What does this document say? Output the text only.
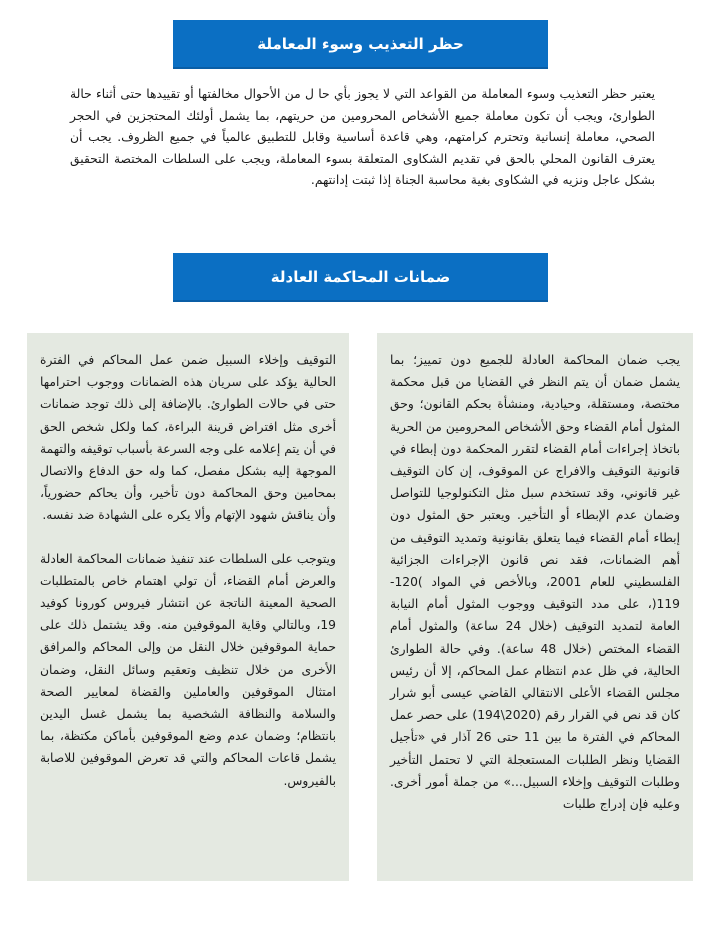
حظر التعذيب وسوء المعاملة
يعتبر حظر التعذيب وسوء المعاملة من القواعد التي لا يجوز بأي حا ل من الأحوال مخالفتها أو تقييدها حتى أثناء حالة الطوارئ، ويجب أن تكون معاملة جميع الأشخاص المحرومين من حريتهم، بما يشمل أولئك المحتجزين في الحجر الصحي، معاملة إنسانية وتحترم كرامتهم، وهي قاعدة أساسية وقابل للتطبيق عالمياً في جميع الظروف. يجب أن يعترف القانون المحلي بالحق في تقديم الشكاوى المتعلقة بسوء المعاملة، ويجب على السلطات المختصة التحقيق بشكل عاجل ونزيه في الشكاوى بغية محاسبة الجناة إذا ثبتت إدانتهم.
ضمانات المحاكمة العادلة

يجب ضمان المحاكمة العادلة للجميع دون تمييز؛ بما يشمل ضمان أن يتم النظر في القضايا من قبل محكمة مختصة، ومستقلة، وحيادية، ومنشأة بحكم القانون؛ وحق المثول أمام القضاء وحق الأشخاص المحرومين من الحرية باتخاذ إجراءات أمام القضاء لتقرر المحكمة دون إبطاء في قانونية التوقيف والافراج عن الموقوف، إن كان التوقيف غير قانوني، وقد تستخدم سبل مثل التكنولوجيا للتواصل وضمان عدم الإبطاء أو التأخير. ويعتبر حق المثول دون إبطاء أمام القضاء فيما يتعلق بقانونية وتمديد التوقيف من أهم الضمانات، فقد نص قانون الإجراءات الجزائية الفلسطيني للعام 2001، وبالأخص في المواد )120-119(، على مدد التوقيف ووجوب المثول أمام النيابة العامة لتمديد التوقيف (خلال 24 ساعة) والمثول أمام القضاء المختص (خلال 48 ساعة). وفي حالة الطوارئ الحالية، في ظل عدم انتظام عمل المحاكم، إلا أن رئيس مجلس القضاء الأعلى الانتقالي القاضي عيسى أبو شرار كان قد نص في القرار رقم (2020\194) على حصر عمل المحاكم في الفترة ما بين 11 حتى 26 آذار في «تأجيل القضايا ونظر الطلبات المستعجلة التي لا تحتمل التأخير وطلبات التوقيف وإخلاء السبيل...» من جملة أمور أخرى. وعليه فإن إدراج طلبات

التوقيف وإخلاء السبيل ضمن عمل المحاكم في الفترة الحالية يؤكد على سريان هذه الضمانات ووجوب احترامها حتى في حالات الطوارئ. بالإضافة إلى ذلك توجد ضمانات أخرى مثل افتراض قرينة البراءة، كما ولكل شخص الحق في أن يتم إعلامه على وجه السرعة بأسباب توقيفه والتهمة الموجهة إليه بشكل مفصل، كما وله حق الدفاع والاتصال بمحامين وحق المحاكمة دون تأخير، وأن يحاكم حضورياً، وأن يناقش شهود الإتهام وألا يكره على الشهادة ضد نفسه.

ويتوجب على السلطات عند تنفيذ ضمانات المحاكمة العادلة والعرض أمام القضاء، أن تولي اهتمام خاص بالمتطلبات الصحية المعينة الناتجة عن انتشار فيروس كورونا كوفيد 19، وبالتالي وقاية الموقوفين منه. وقد يشتمل ذلك على حماية الموقوفين خلال النقل من وإلى المحاكم والمرافق الأخرى من خلال تنظيف وتعقيم وسائل النقل، وضمان امتثال الموقوفين والعاملين والقضاة لمعايير الصحة والسلامة والنظافة الشخصية بما يشمل غسل اليدين بانتظام؛ وضمان عدم وضع الموقوفين بأماكن مكتظة، بما يشمل قاعات المحاكم والتي قد تعرض الموقوفين للاصابة بالفيروس.
